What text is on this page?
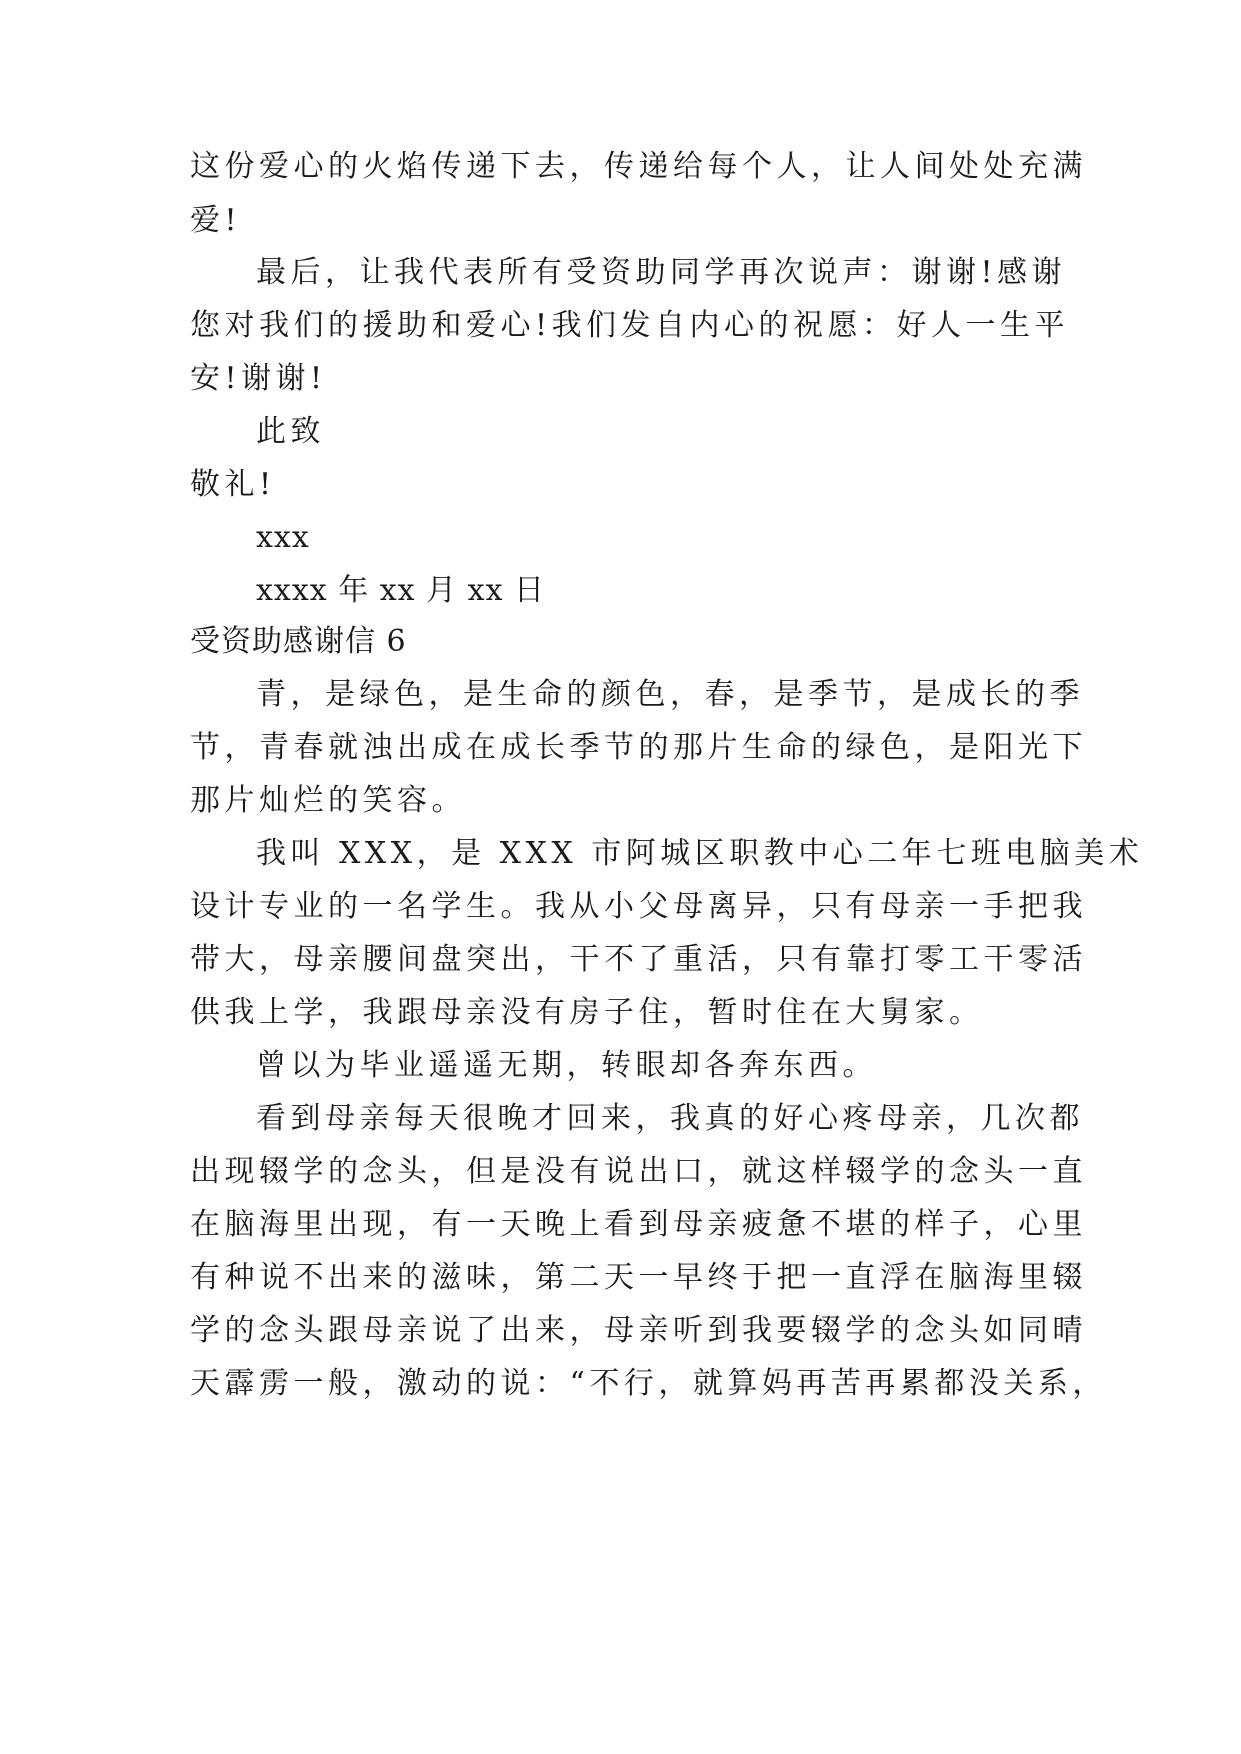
这份爱心的火焰传递下去，传递给每个人，让人间处处充满
爱!
最后，让我代表所有受资助同学再次说声：谢谢!感谢
您对我们的援助和爱心!我们发自内心的祝愿：好人一生平
安!谢谢!
此致
敬礼!
xxx
xxxx 年 xx 月 xx 日
受资助感谢信 6
青，是绿色，是生命的颜色，春，是季节，是成长的季
节，青春就浊出成在成长季节的那片生命的绿色，是阳光下
那片灿烂的笑容。
我叫 XXX，是 XXX 市阿城区职教中心二年七班电脑美术
设计专业的一名学生。我从小父母离异，只有母亲一手把我
带大，母亲腰间盘突出，干不了重活，只有靠打零工干零活
供我上学，我跟母亲没有房子住，暂时住在大舅家。
曾以为毕业遥遥无期，转眼却各奔东西。
看到母亲每天很晚才回来，我真的好心疼母亲，几次都
出现辍学的念头，但是没有说出口，就这样辍学的念头一直
在脑海里出现，有一天晚上看到母亲疲惫不堪的样子，心里
有种说不出来的滋味，第二天一早终于把一直浮在脑海里辍
学的念头跟母亲说了出来，母亲听到我要辍学的念头如同晴
天霹雳一般，激动的说：“不行，就算妈再苦再累都没关系，
